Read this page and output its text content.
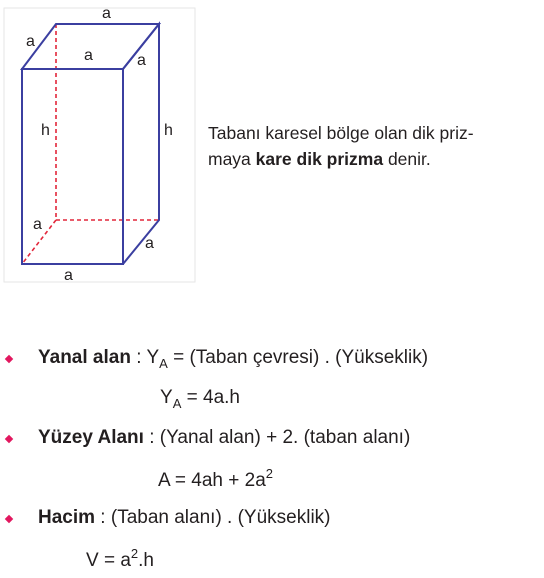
a
a
a	a
h	h
a
a
a
Tabanı karesel bölge olan dik priz-
maya kare dik prizma denir.
Yanal alan : $Y_A$ = (Taban çevresi) . (Yükseklik)
$Y_A = 4a.h$
Yüzey Alanı : (Yanal alan) + 2. (taban alanı)
$A = 4ah + 2a^2$
Hacim : (Taban alanı) . (Yükseklik)
$V = a^2.h$
